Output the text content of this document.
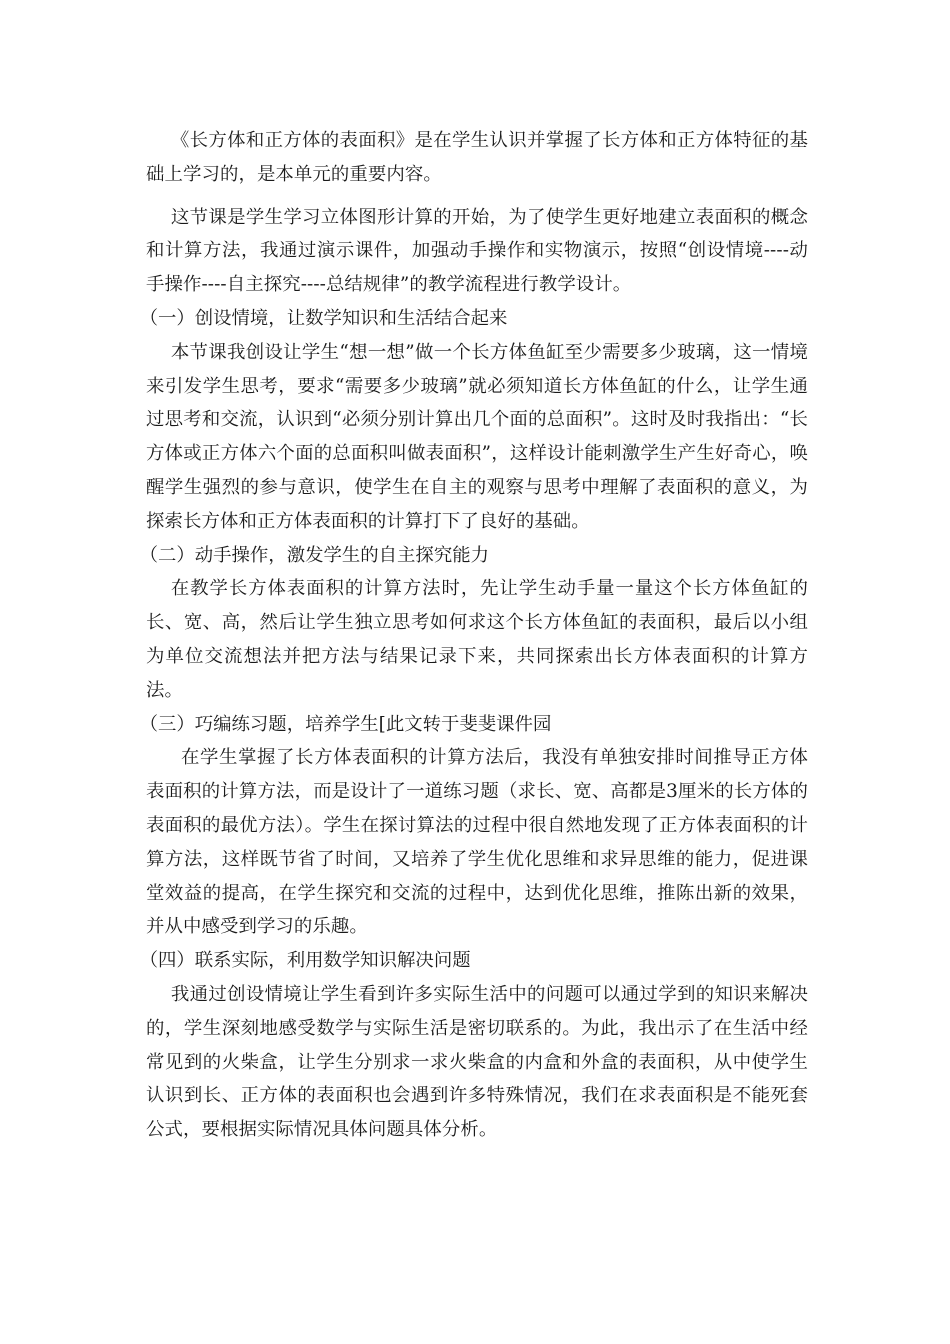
《长方体和正方体的表面积》是在学生认识并掌握了长方体和正方体特征的基础上学习的，是本单元的重要内容。

这节课是学生学习立体图形计算的开始，为了使学生更好地建立表面积的概念和计算方法，我通过演示课件，加强动手操作和实物演示，按照“创设情境----动手操作----自主探究----总结规律”的教学流程进行教学设计。

（一）创设情境，让数学知识和生活结合起来

本节课我创设让学生“想一想”做一个长方体鱼缸至少需要多少玻璃，这一情境来引发学生思考，要求“需要多少玻璃”就必须知道长方体鱼缸的什么，让学生通过思考和交流，认识到“必须分别计算出几个面的总面积”。这时及时我指出：“长方体或正方体六个面的总面积叫做表面积”，这样设计能刺激学生产生好奇心，唤醒学生强烈的参与意识，使学生在自主的观察与思考中理解了表面积的意义，为探索长方体和正方体表面积的计算打下了良好的基础。

（二）动手操作，激发学生的自主探究能力

在教学长方体表面积的计算方法时，先让学生动手量一量这个长方体鱼缸的长、宽、高，然后让学生独立思考如何求这个长方体鱼缸的表面积，最后以小组为单位交流想法并把方法与结果记录下来，共同探索出长方体表面积的计算方法。

（三）巧编练习题，培养学生[此文转于斐斐课件园

在学生掌握了长方体表面积的计算方法后，我没有单独安排时间推导正方体表面积的计算方法，而是设计了一道练习题（求长、宽、高都是3厘米的长方体的表面积的最优方法）。学生在探讨算法的过程中很自然地发现了正方体表面积的计算方法，这样既节省了时间，又培养了学生优化思维和求异思维的能力，促进课堂效益的提高，在学生探究和交流的过程中，达到优化思维，推陈出新的效果，并从中感受到学习的乐趣。

（四）联系实际，利用数学知识解决问题

我通过创设情境让学生看到许多实际生活中的问题可以通过学到的知识来解决的，学生深刻地感受数学与实际生活是密切联系的。为此，我出示了在生活中经常见到的火柴盒，让学生分别求一求火柴盒的内盒和外盒的表面积，从中使学生认识到长、正方体的表面积也会遇到许多特殊情况，我们在求表面积是不能死套公式，要根据实际情况具体问题具体分析。
